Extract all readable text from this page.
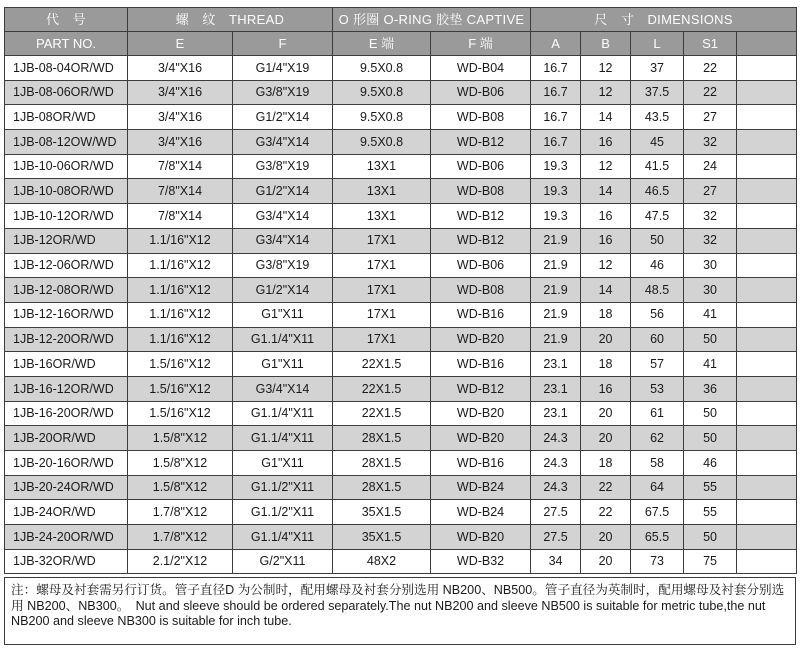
代　号	螺　纹　THREAD		O 形圈 O-RING 胶垫 CAPTIVE		尺　寸　DIMENSIONS				
PART NO.	E	F	E 端	F 端	A	B	L	S1	
1JB-08-04OR/WD	3/4"X16	G1/4"X19	9.5X0.8	WD-B04	16.7	12	37	22	
1JB-08-06OR/WD	3/4"X16	G3/8"X19	9.5X0.8	WD-B06	16.7	12	37.5	22	
1JB-08OR/WD	3/4"X16	G1/2"X14	9.5X0.8	WD-B08	16.7	14	43.5	27	
1JB-08-12OW/WD	3/4"X16	G3/4"X14	9.5X0.8	WD-B12	16.7	16	45	32	
1JB-10-06OR/WD	7/8"X14	G3/8"X19	13X1	WD-B06	19.3	12	41.5	24	
1JB-10-08OR/WD	7/8"X14	G1/2"X14	13X1	WD-B08	19.3	14	46.5	27	
1JB-10-12OR/WD	7/8"X14	G3/4"X14	13X1	WD-B12	19.3	16	47.5	32	
1JB-12OR/WD	1.1/16"X12	G3/4"X14	17X1	WD-B12	21.9	16	50	32	
1JB-12-06OR/WD	1.1/16"X12	G3/8"X19	17X1	WD-B06	21.9	12	46	30	
1JB-12-08OR/WD	1.1/16"X12	G1/2"X14	17X1	WD-B08	21.9	14	48.5	30	
1JB-12-16OR/WD	1.1/16"X12	G1"X11	17X1	WD-B16	21.9	18	56	41	
1JB-12-20OR/WD	1.1/16"X12	G1.1/4"X11	17X1	WD-B20	21.9	20	60	50	
1JB-16OR/WD	1.5/16"X12	G1"X11	22X1.5	WD-B16	23.1	18	57	41	
1JB-16-12OR/WD	1.5/16"X12	G3/4"X14	22X1.5	WD-B12	23.1	16	53	36	
1JB-16-20OR/WD	1.5/16"X12	G1.1/4"X11	22X1.5	WD-B20	23.1	20	61	50	
1JB-20OR/WD	1.5/8"X12	G1.1/4"X11	28X1.5	WD-B20	24.3	20	62	50	
1JB-20-16OR/WD	1.5/8"X12	G1"X11	28X1.5	WD-B16	24.3	18	58	46	
1JB-20-24OR/WD	1.5/8"X12	G1.1/2"X11	28X1.5	WD-B24	24.3	22	64	55	
1JB-24OR/WD	1.7/8"X12	G1.1/2"X11	35X1.5	WD-B24	27.5	22	67.5	55	
1JB-24-20OR/WD	1.7/8"X12	G1.1/4"X11	35X1.5	WD-B20	27.5	20	65.5	50	
1JB-32OR/WD	2.1/2"X12	G/2"X11	48X2	WD-B32	34	20	73	75	

注：螺母及衬套需另行订货。管子直径D 为公制时，配用螺母及衬套分别选用 NB200、NB500。管子直径为英制时，配用螺母及衬套分别选用 NB200、NB300。　Nut and sleeve should be ordered separately.The nut NB200 and sleeve NB500 is suitable for metric tube,the nut NB200 and sleeve NB300 is suitable for inch tube.
